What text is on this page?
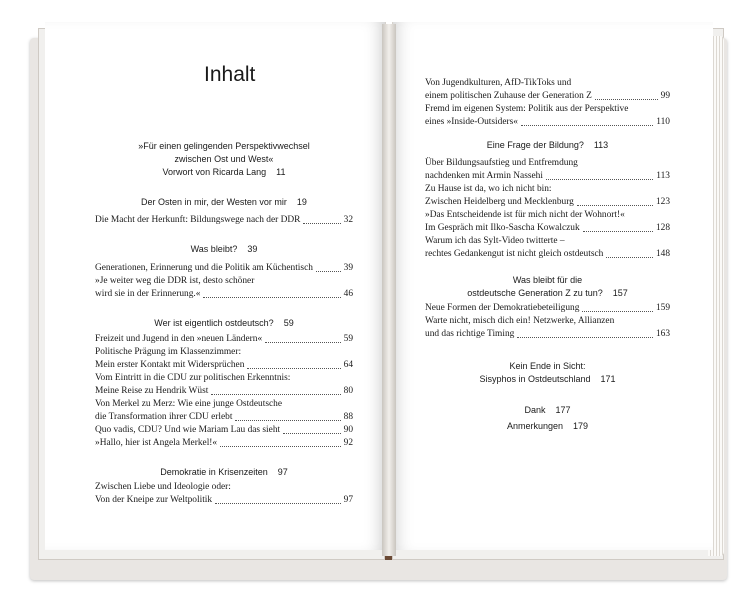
Inhalt
»Für einen gelingenden Perspektivwechsel
zwischen Ost und West«
Vorwort von Ricarda Lang 11
Der Osten in mir, der Westen vor mir 19
Die Macht der Herkunft: Bildungswege nach der DDR	32
Was bleibt? 39
Generationen, Erinnerung und die Politik am Küchentisch	39
»Je weiter weg die DDR ist, desto schöner
wird sie in der Erinnerung.«	46
Wer ist eigentlich ostdeutsch? 59
Freizeit und Jugend in den »neuen Ländern«	59
Politische Prägung im Klassenzimmer:
Mein erster Kontakt mit Widersprüchen	64
Vom Eintritt in die CDU zur politischen Erkenntnis:
Meine Reise zu Hendrik Wüst	80
Von Merkel zu Merz: Wie eine junge Ostdeutsche
die Transformation ihrer CDU erlebt	88
Quo vadis, CDU? Und wie Mariam Lau das sieht	90
»Hallo, hier ist Angela Merkel!«	92
Demokratie in Krisenzeiten 97
Zwischen Liebe und Ideologie oder:
Von der Kneipe zur Weltpolitik	97
Von Jugendkulturen, AfD-TikToks und
einem politischen Zuhause der Generation Z	99
Fremd im eigenen System: Politik aus der Perspektive
eines »Inside-Outsiders«	110
Eine Frage der Bildung? 113
Über Bildungsaufstieg und Entfremdung
nachdenken mit Armin Nassehi	113
Zu Hause ist da, wo ich nicht bin:
Zwischen Heidelberg und Mecklenburg	123
»Das Entscheidende ist für mich nicht der Wohnort!«
Im Gespräch mit Ilko-Sascha Kowalczuk	128
Warum ich das Sylt-Video twitterte –
rechtes Gedankengut ist nicht gleich ostdeutsch	148
Was bleibt für die
ostdeutsche Generation Z zu tun? 157
Neue Formen der Demokratiebeteiligung	159
Warte nicht, misch dich ein! Netzwerke, Allianzen
und das richtige Timing	163
Kein Ende in Sicht:
Sisyphos in Ostdeutschland 171
Dank 177
Anmerkungen 179
